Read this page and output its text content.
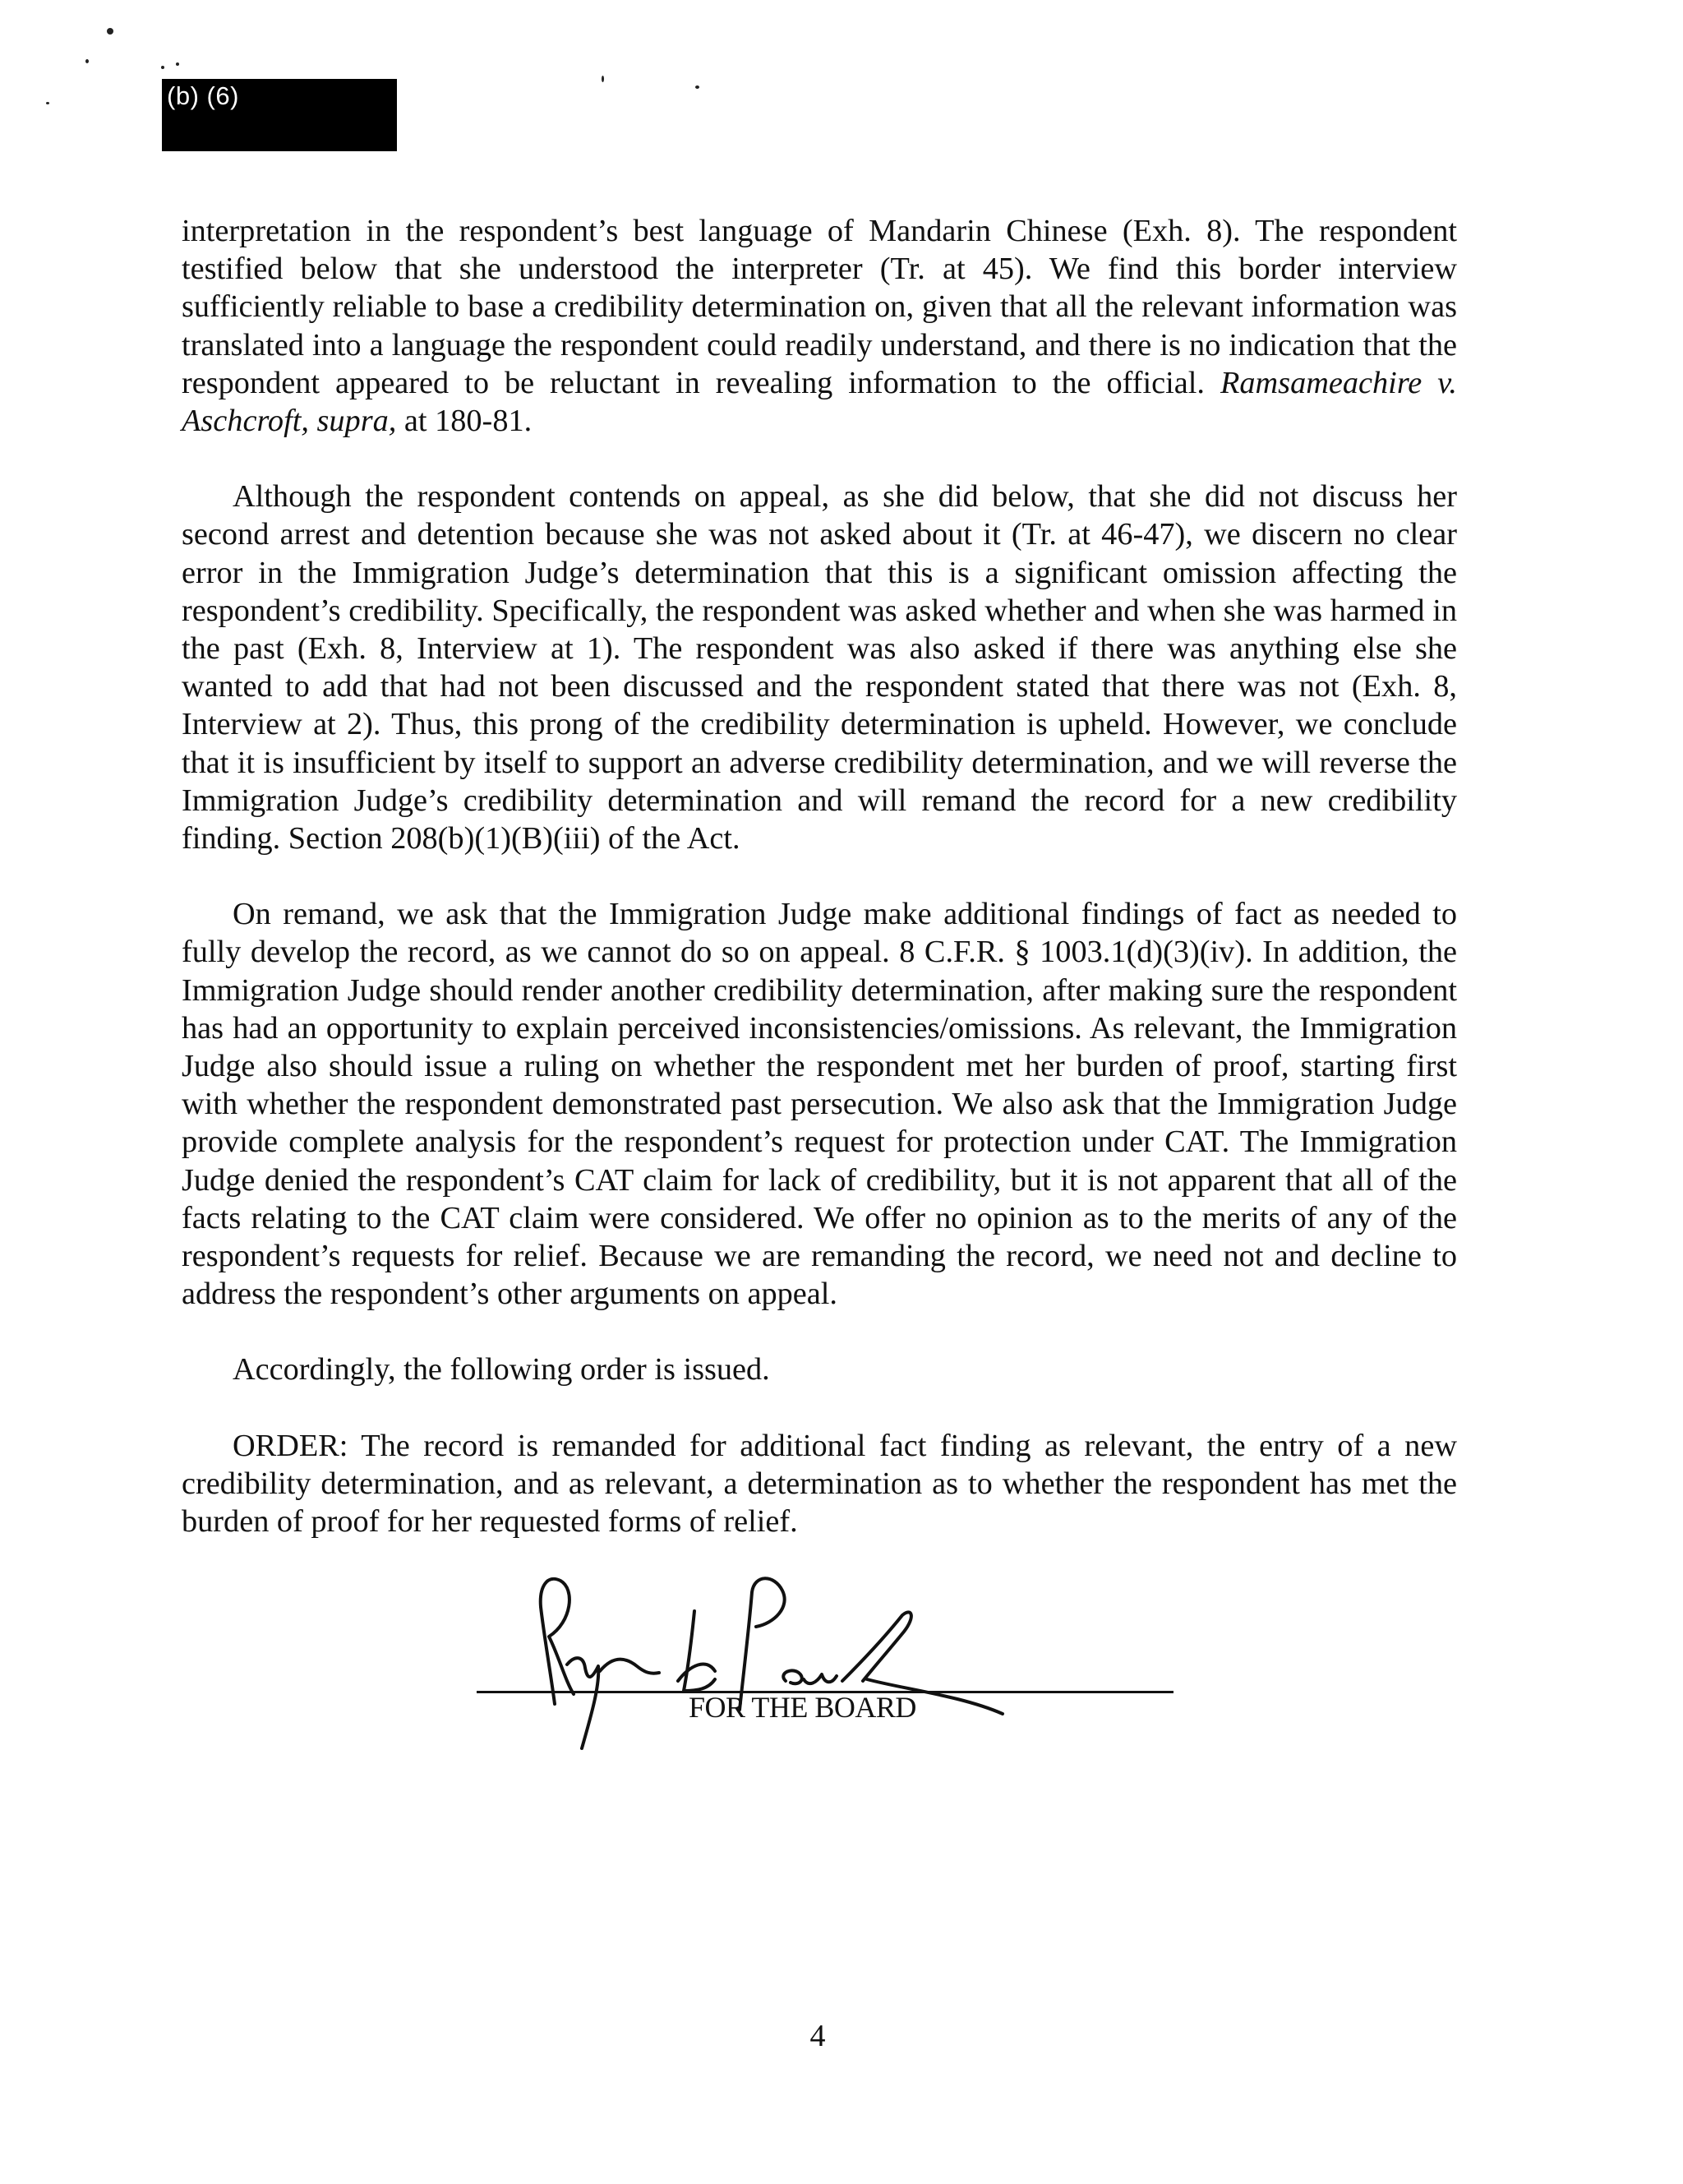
(b) (6)

interpretation in the respondent’s best language of Mandarin Chinese (Exh. 8). The respondent testified below that she understood the interpreter (Tr. at 45). We find this border interview sufficiently reliable to base a credibility determination on, given that all the relevant information was translated into a language the respondent could readily understand, and there is no indication that the respondent appeared to be reluctant in revealing information to the official. Ramsameachire v. Aschcroft, supra, at 180-81.

Although the respondent contends on appeal, as she did below, that she did not discuss her second arrest and detention because she was not asked about it (Tr. at 46-47), we discern no clear error in the Immigration Judge’s determination that this is a significant omission affecting the respondent’s credibility. Specifically, the respondent was asked whether and when she was harmed in the past (Exh. 8, Interview at 1). The respondent was also asked if there was anything else she wanted to add that had not been discussed and the respondent stated that there was not (Exh. 8, Interview at 2). Thus, this prong of the credibility determination is upheld. However, we conclude that it is insufficient by itself to support an adverse credibility determination, and we will reverse the Immigration Judge’s credibility determination and will remand the record for a new credibility finding. Section 208(b)(1)(B)(iii) of the Act.

On remand, we ask that the Immigration Judge make additional findings of fact as needed to fully develop the record, as we cannot do so on appeal. 8 C.F.R. § 1003.1(d)(3)(iv). In addition, the Immigration Judge should render another credibility determination, after making sure the respondent has had an opportunity to explain perceived inconsistencies/omissions. As relevant, the Immigration Judge also should issue a ruling on whether the respondent met her burden of proof, starting first with whether the respondent demonstrated past persecution. We also ask that the Immigration Judge provide complete analysis for the respondent’s request for protection under CAT. The Immigration Judge denied the respondent’s CAT claim for lack of credibility, but it is not apparent that all of the facts relating to the CAT claim were considered. We offer no opinion as to the merits of any of the respondent’s requests for relief. Because we are remanding the record, we need not and decline to address the respondent’s other arguments on appeal.

Accordingly, the following order is issued.

ORDER: The record is remanded for additional fact finding as relevant, the entry of a new credibility determination, and as relevant, a determination as to whether the respondent has met the burden of proof for her requested forms of relief.

FOR THE BOARD
4
